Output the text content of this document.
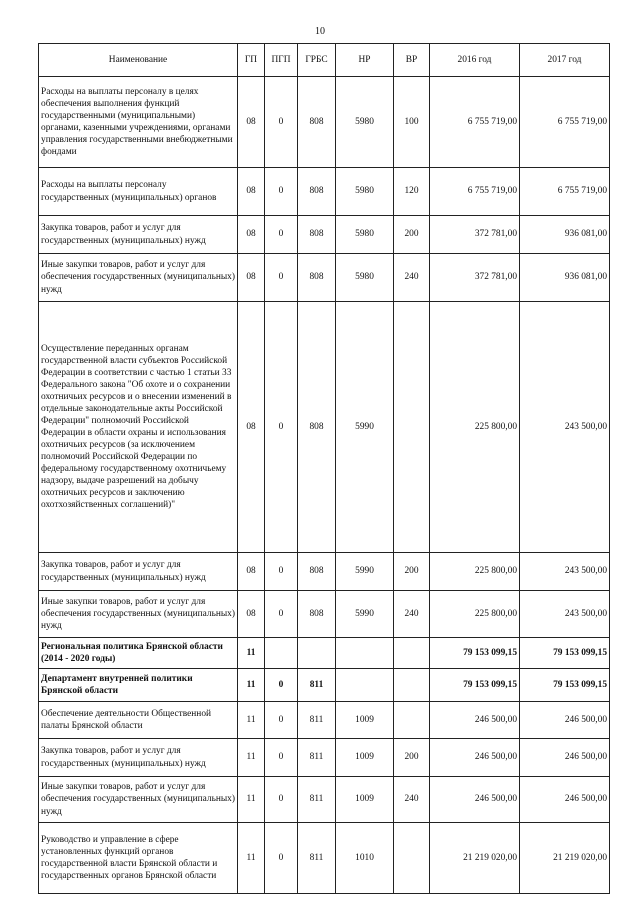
10
Наименование	ГП	ПГП	ГРБС	НР	ВР	2016 год	2017 год
Расходы на выплаты персоналу в целях обеспечения выполнения функций государственными (муниципальными) органами, казенными учреждениями, органами управления государственными внебюджетными фондами	08	0	808	5980	100	6 755 719,00	6 755 719,00
Расходы на выплаты персоналу государственных (муниципальных) органов	08	0	808	5980	120	6 755 719,00	6 755 719,00
Закупка товаров, работ и услуг для государственных (муниципальных) нужд	08	0	808	5980	200	372 781,00	936 081,00
Иные закупки товаров, работ и услуг для обеспечения государственных (муниципальных) нужд	08	0	808	5980	240	372 781,00	936 081,00
Осуществление переданных органам государственной власти субъектов Российской Федерации в соответствии с частью 1 статьи 33 Федерального закона "Об охоте и о сохранении охотничьих ресурсов и о внесении изменений в отдельные законодательные акты Российской Федерации" полномочий Российской Федерации в области охраны и использования охотничьих ресурсов (за исключением полномочий Российской Федерации по федеральному государственному охотничьему надзору, выдаче разрешений на добычу охотничьих ресурсов и заключению охотхозяйственных соглашений)"	08	0	808	5990		225 800,00	243 500,00
Закупка товаров, работ и услуг для государственных (муниципальных) нужд	08	0	808	5990	200	225 800,00	243 500,00
Иные закупки товаров, работ и услуг для обеспечения государственных (муниципальных) нужд	08	0	808	5990	240	225 800,00	243 500,00
Региональная политика Брянской области (2014 - 2020 годы)	11					79 153 099,15	79 153 099,15
Департамент внутренней политики Брянской области	11	0	811			79 153 099,15	79 153 099,15
Обеспечение деятельности Общественной палаты Брянской области	11	0	811	1009		246 500,00	246 500,00
Закупка товаров, работ и услуг для государственных (муниципальных) нужд	11	0	811	1009	200	246 500,00	246 500,00
Иные закупки товаров, работ и услуг для обеспечения государственных (муниципальных) нужд	11	0	811	1009	240	246 500,00	246 500,00
Руководство и управление в сфере установленных функций органов государственной власти Брянской области и государственных органов Брянской области	11	0	811	1010		21 219 020,00	21 219 020,00
